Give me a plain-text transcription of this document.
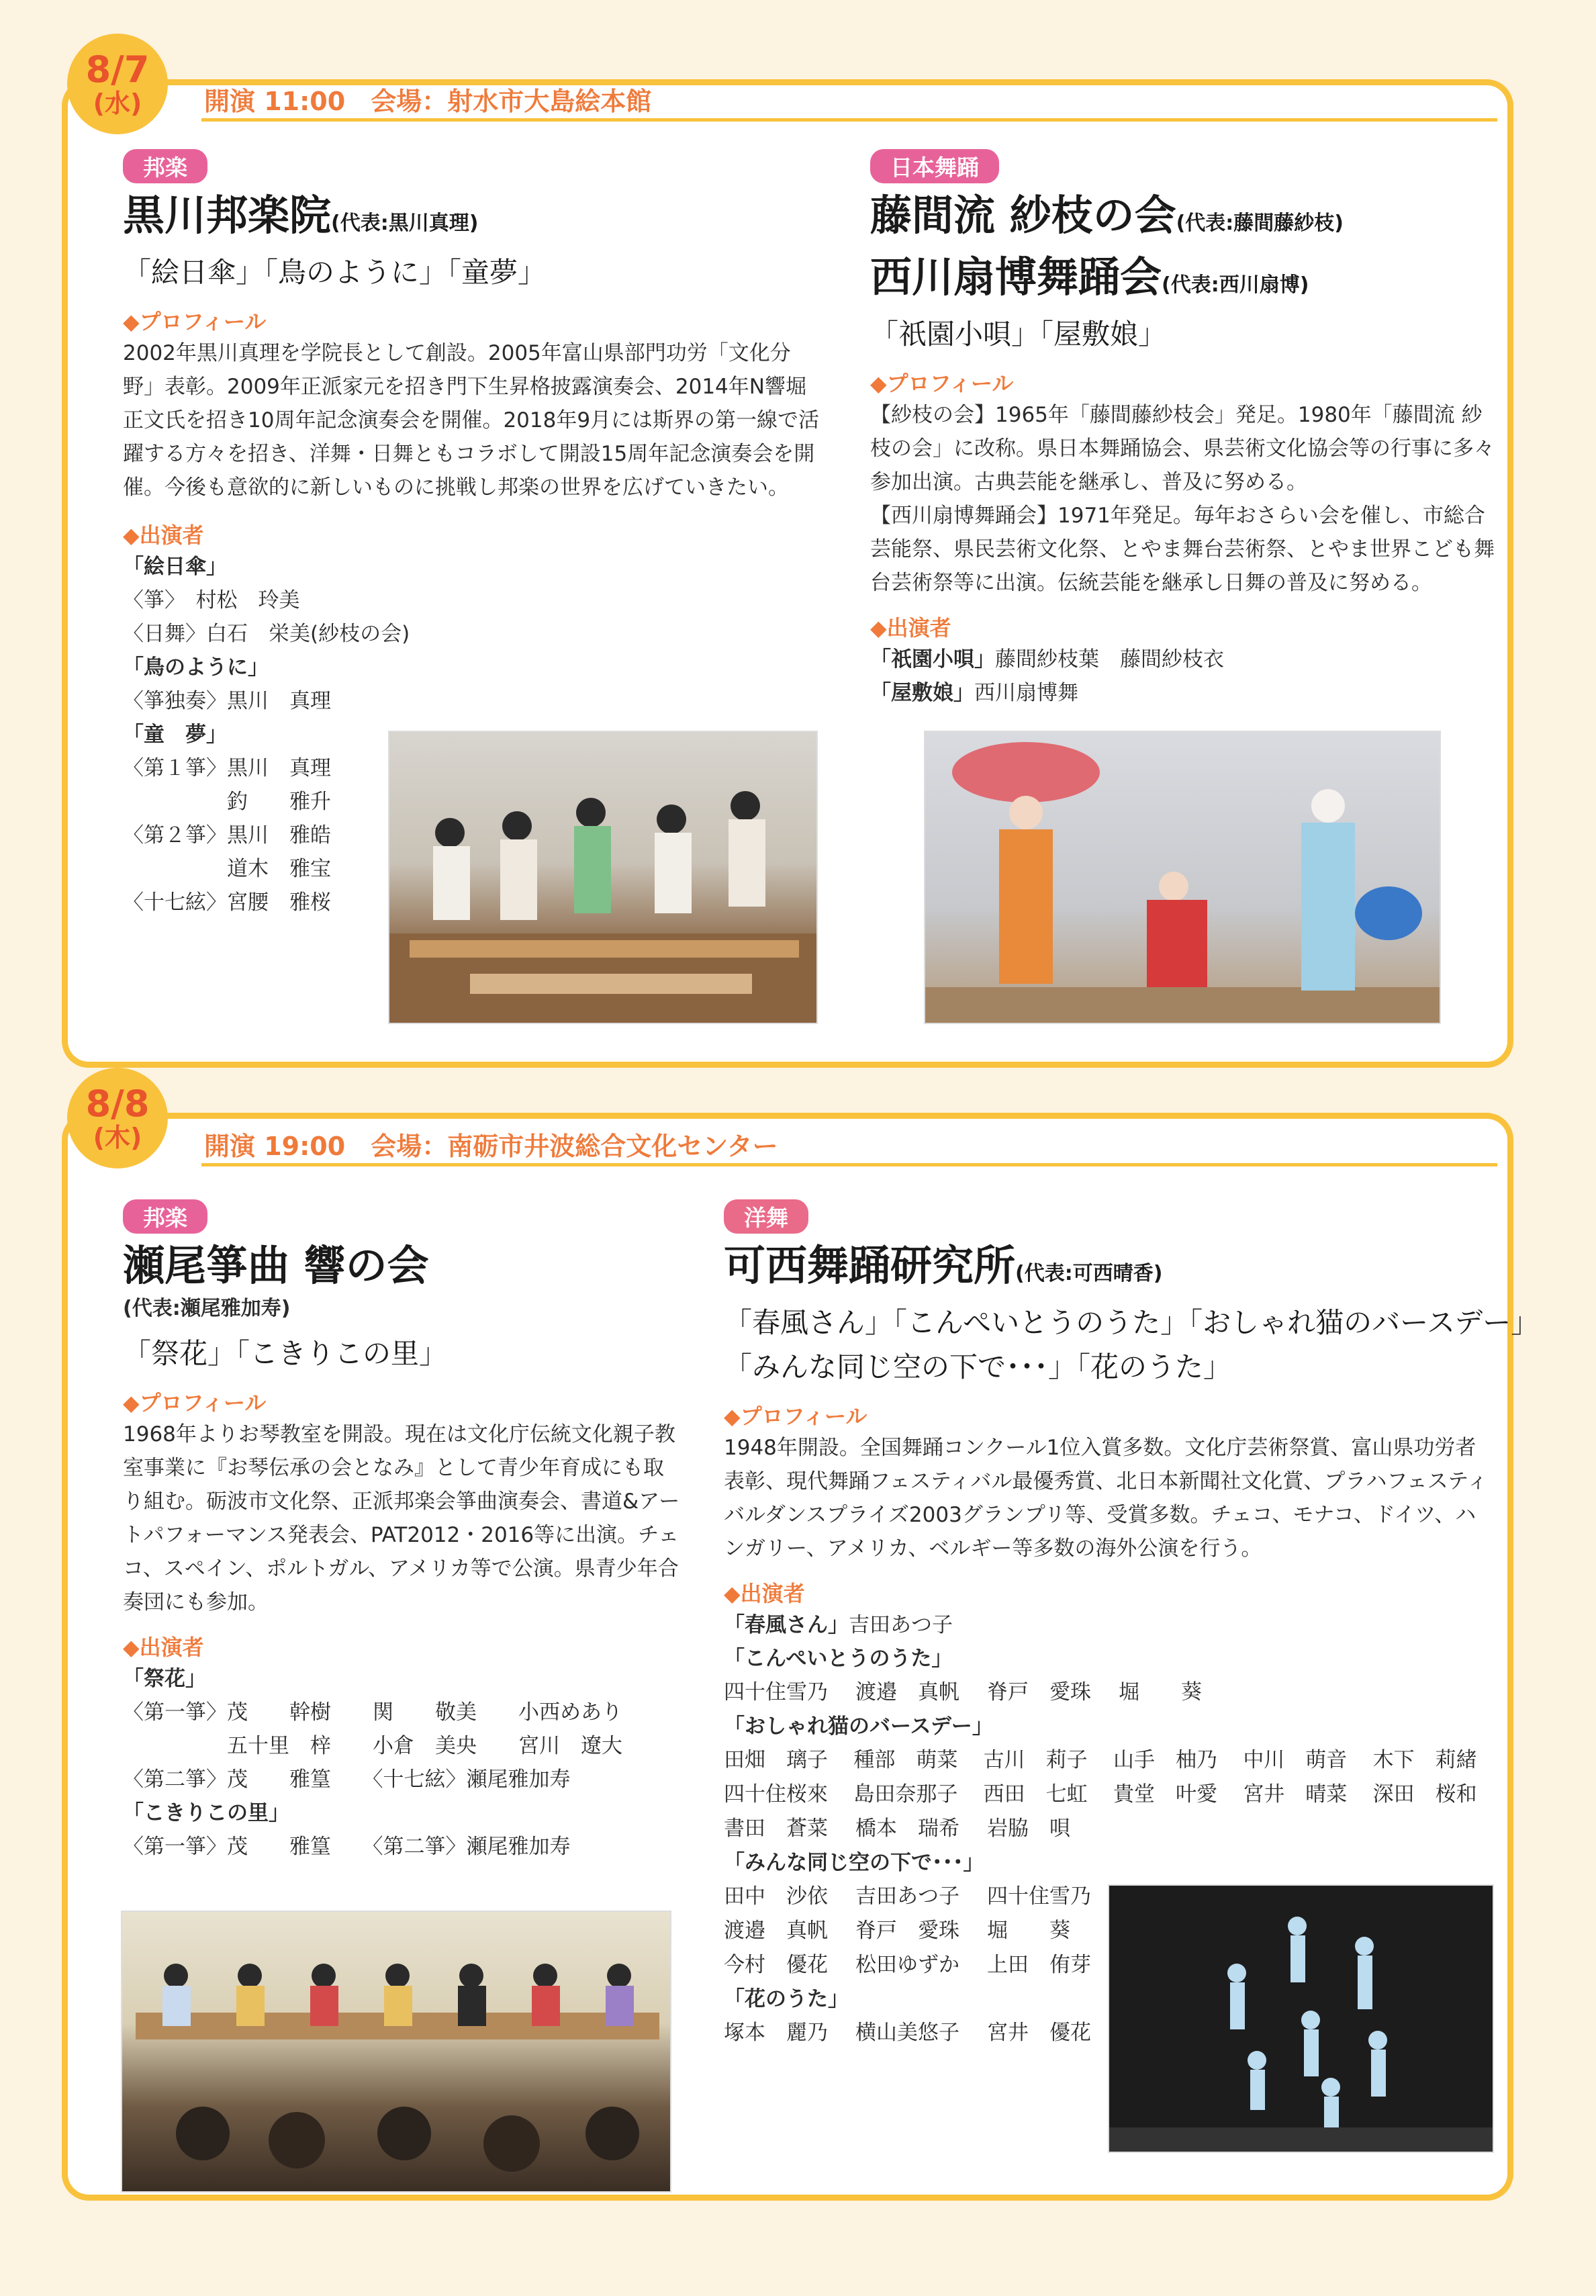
8/7
(水) 開演 11:00　会場：射水市大島絵本館
邦楽
黒川邦楽院(代表:黒川真理)
「絵日傘」「鳥のように」「童夢」
◆プロフィール
2002年黒川真理を学院長として創設。2005年富山県部門功労「文化分野」表彰。2009年正派家元を招き門下生昇格披露演奏会、2014年N響堀正文氏を招き10周年記念演奏会を開催。2018年9月には斯界の第一線で活躍する方々を招き、洋舞・日舞ともコラボして開設15周年記念演奏会を開催。今後も意欲的に新しいものに挑戦し邦楽の世界を広げていきたい。
◆出演者
「絵日傘」
〈箏〉　村松　玲美
〈日舞〉白石　栄美(紗枝の会)
「鳥のように」
〈箏独奏〉黒川　真理
「童　夢」
〈第１箏〉黒川　真理
　　　　　釣　　雅升
〈第２箏〉黒川　雅皓
　　　　　道木　雅宝
〈十七絃〉宮腰　雅桜
日本舞踊
藤間流 紗枝の会(代表:藤間藤紗枝)
西川扇博舞踊会(代表:西川扇博)
「祇園小唄」「屋敷娘」
◆プロフィール
【紗枝の会】1965年「藤間藤紗枝会」発足。1980年「藤間流 紗枝の会」に改称。県日本舞踊協会、県芸術文化協会等の行事に多々参加出演。古典芸能を継承し、普及に努める。
【西川扇博舞踊会】1971年発足。毎年おさらい会を催し、市総合芸能祭、県民芸術文化祭、とやま舞台芸術祭、とやま世界こども舞台芸術祭等に出演。伝統芸能を継承し日舞の普及に努める。
◆出演者
「祇園小唄」藤間紗枝葉　藤間紗枝衣
「屋敷娘」西川扇博舞
8/8
(木) 開演 19:00　会場：南砺市井波総合文化センター
邦楽
瀬尾箏曲 響の会
(代表:瀬尾雅加寿)
「祭花」「こきりこの里」
◆プロフィール
1968年よりお琴教室を開設。現在は文化庁伝統文化親子教室事業に『お琴伝承の会となみ』として青少年育成にも取り組む。砺波市文化祭、正派邦楽会箏曲演奏会、書道&アートパフォーマンス発表会、PAT2012・2016等に出演。チェコ、スペイン、ポルトガル、アメリカ等で公演。県青少年合奏団にも参加。
◆出演者
「祭花」
〈第一箏〉茂　　幹樹　　関　　敬美　　小西めあり
　　　　　五十里　梓　　小倉　美央　　宮川　遼大
〈第二箏〉茂　　雅篁　　〈十七絃〉瀬尾雅加寿
「こきりこの里」
〈第一箏〉茂　　雅篁　　〈第二箏〉瀬尾雅加寿
洋舞
可西舞踊研究所(代表:可西晴香)
「春風さん」「こんぺいとうのうた」「おしゃれ猫のバースデー」
「みんな同じ空の下で･･･」「花のうた」
◆プロフィール
1948年開設。全国舞踊コンクール1位入賞多数。文化庁芸術祭賞、富山県功労者表彰、現代舞踊フェスティバル最優秀賞、北日本新聞社文化賞、プラハフェスティバルダンスプライズ2003グランプリ等、受賞多数。チェコ、モナコ、ドイツ、ハンガリー、アメリカ、ベルギー等多数の海外公演を行う。
◆出演者
「春風さん」吉田あつ子
「こんぺいとうのうた」
四十住雪乃	渡邉　真帆	脊戸　愛珠	堀　　葵
「おしゃれ猫のバースデー」
田畑　璃子	種部　萌菜	古川　莉子	山手　柚乃	中川　萌音	木下　莉緒
四十住桜來	島田奈那子	西田　七虹	貴堂　叶愛	宮井　晴菜	深田　桜和
書田　蒼菜	橋本　瑞希	岩脇　唄
「みんな同じ空の下で･･･」
田中　沙依	吉田あつ子	四十住雪乃
渡邉　真帆	脊戸　愛珠	堀　　葵
今村　優花	松田ゆずか	上田　侑芽
「花のうた」
塚本　麗乃	横山美悠子	宮井　優花
